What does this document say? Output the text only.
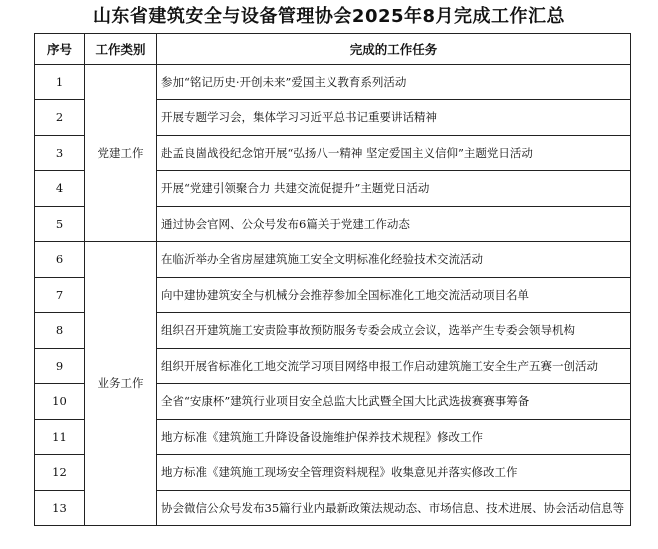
山东省建筑安全与设备管理协会2025年8月完成工作汇总
序号	工作类别	完成的工作任务
1	党建工作	参加“铭记历史·开创未来”爱国主义教育系列活动
2		开展专题学习会，集体学习习近平总书记重要讲话精神
3		赴孟良崮战役纪念馆开展“弘扬八一精神 坚定爱国主义信仰”主题党日活动
4		开展“党建引领聚合力 共建交流促提升”主题党日活动
5		通过协会官网、公众号发布6篇关于党建工作动态
6	业务工作	在临沂举办全省房屋建筑施工安全文明标准化经验技术交流活动
7		向中建协建筑安全与机械分会推荐参加全国标准化工地交流活动项目名单
8		组织召开建筑施工安责险事故预防服务专委会成立会议，选举产生专委会领导机构
9		组织开展省标准化工地交流学习项目网络申报工作启动建筑施工安全生产五赛一创活动
10		全省“安康杯”建筑行业项目安全总监大比武暨全国大比武选拔赛赛事筹备
11		地方标准《建筑施工升降设备设施维护保养技术规程》修改工作
12		地方标准《建筑施工现场安全管理资料规程》收集意见并落实修改工作
13		协会微信公众号发布35篇行业内最新政策法规动态、市场信息、技术进展、协会活动信息等
